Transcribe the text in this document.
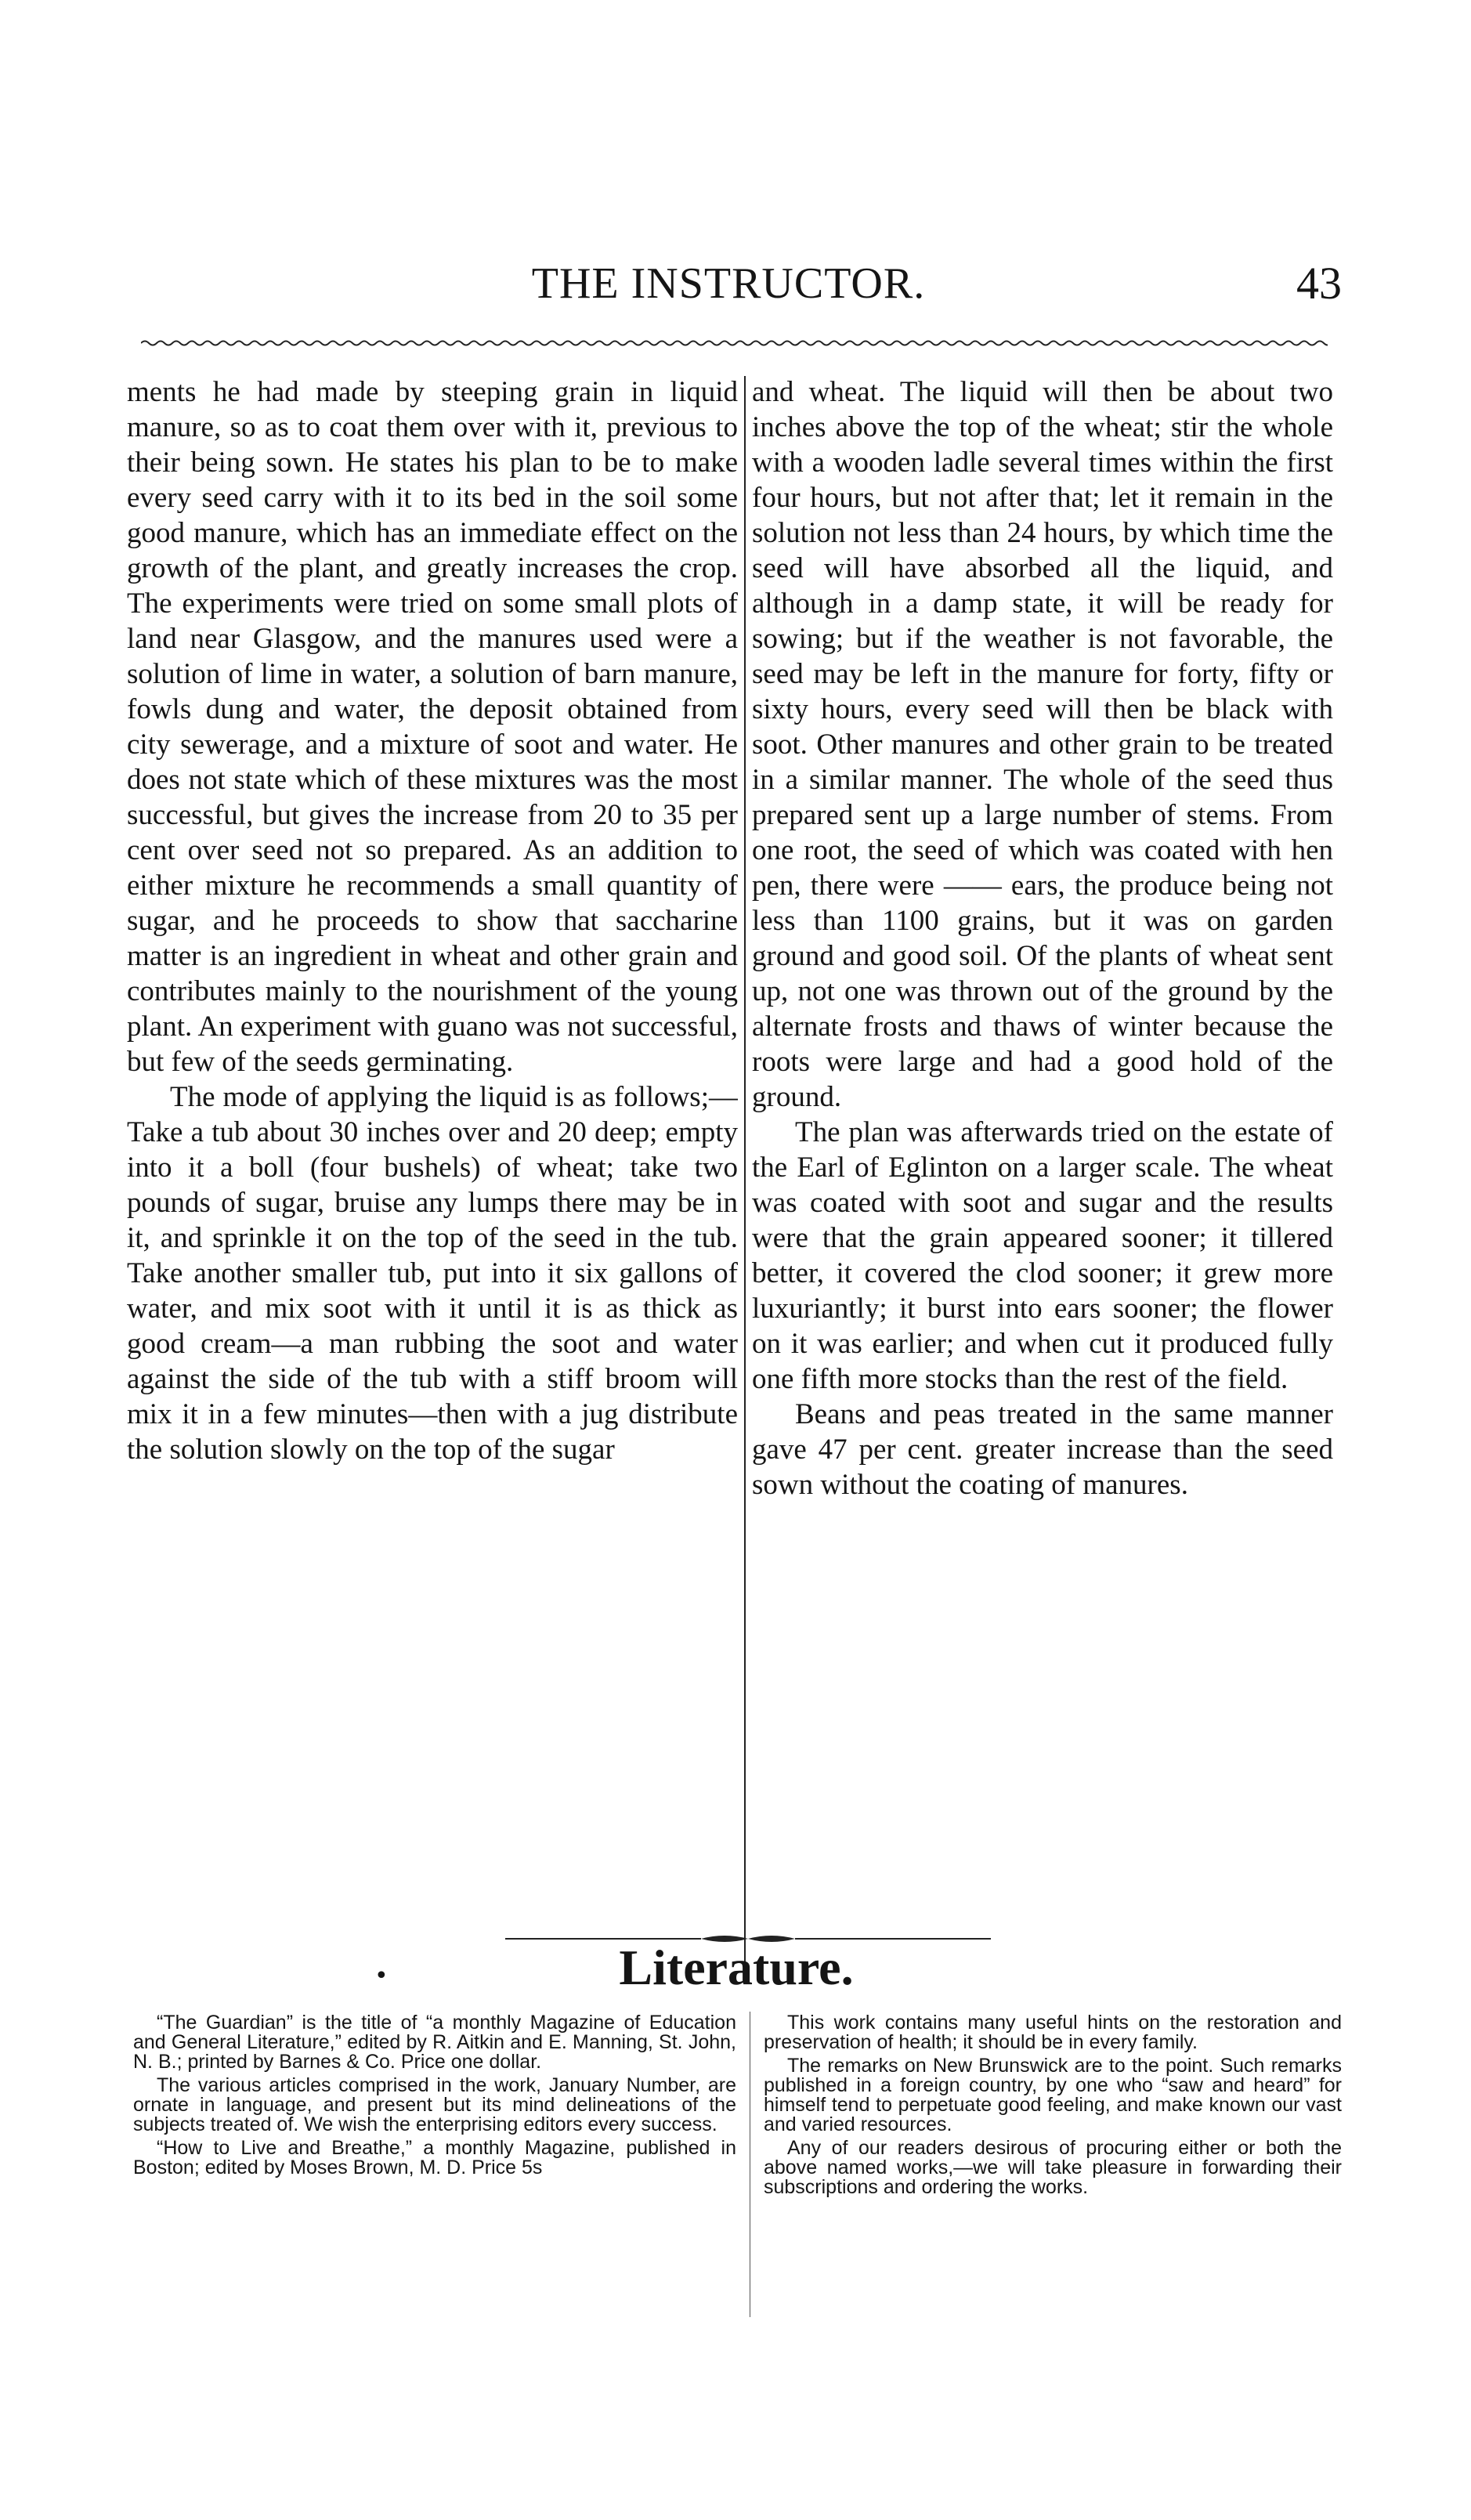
THE INSTRUCTOR.	43

ments he had made by steeping grain in liquid manure, so as to coat them over with it, previous to their being sown. He states his plan to be to make every seed carry with it to its bed in the soil some good manure, which has an immediate effect on the growth of the plant, and greatly increases the crop. The experiments were tried on some small plots of land near Glasgow, and the manures used were a solution of lime in water, a solution of barn manure, fowls dung and water, the deposit obtained from city sewerage, and a mixture of soot and water. He does not state which of these mixtures was the most successful, but gives the increase from 20 to 35 per cent over seed not so prepared. As an addition to either mixture he recommends a small quantity of sugar, and he proceeds to show that saccharine matter is an ingredient in wheat and other grain and contributes mainly to the nourishment of the young plant. An experiment with guano was not successful, but few of the seeds germinating.

The mode of applying the liquid is as follows;—Take a tub about 30 inches over and 20 deep; empty into it a boll (four bushels) of wheat; take two pounds of sugar, bruise any lumps there may be in it, and sprinkle it on the top of the seed in the tub. Take another smaller tub, put into it six gallons of water, and mix soot with it until it is as thick as good cream—a man rubbing the soot and water against the side of the tub with a stiff broom will mix it in a few minutes—then with a jug distribute the solution slowly on the top of the sugar

and wheat. The liquid will then be about two inches above the top of the wheat; stir the whole with a wooden ladle several times within the first four hours, but not after that; let it remain in the solution not less than 24 hours, by which time the seed will have absorbed all the liquid, and although in a damp state, it will be ready for sowing; but if the weather is not favorable, the seed may be left in the manure for forty, fifty or sixty hours, every seed will then be black with soot. Other manures and other grain to be treated in a similar manner. The whole of the seed thus prepared sent up a large number of stems. From one root, the seed of which was coated with hen pen, there were —— ears, the produce being not less than 1100 grains, but it was on garden ground and good soil. Of the plants of wheat sent up, not one was thrown out of the ground by the alternate frosts and thaws of winter because the roots were large and had a good hold of the ground.

The plan was afterwards tried on the estate of the Earl of Eglinton on a larger scale. The wheat was coated with soot and sugar and the results were that the grain appeared sooner; it tillered better, it covered the clod sooner; it grew more luxuriantly; it burst into ears sooner; the flower on it was earlier; and when cut it produced fully one fifth more stocks than the rest of the field.

Beans and peas treated in the same manner gave 47 per cent. greater increase than the seed sown without the coating of manures.

•	Literature.

“The Guardian” is the title of “a monthly Magazine of Education and General Literature,” edited by R. Aitkin and E. Manning, St. John, N. B.; printed by Barnes & Co. Price one dollar.

The various articles comprised in the work, January Number, are ornate in language, and present but its mind delineations of the subjects treated of. We wish the enterprising editors every success.

“How to Live and Breathe,” a monthly Magazine, published in Boston; edited by Moses Brown, M. D. Price 5s

This work contains many useful hints on the restoration and preservation of health; it should be in every family.

The remarks on New Brunswick are to the point. Such remarks published in a foreign country, by one who “saw and heard” for himself tend to perpetuate good feeling, and make known our vast and varied resources.

Any of our readers desirous of procuring either or both the above named works,—we will take pleasure in forwarding their subscriptions and ordering the works.
